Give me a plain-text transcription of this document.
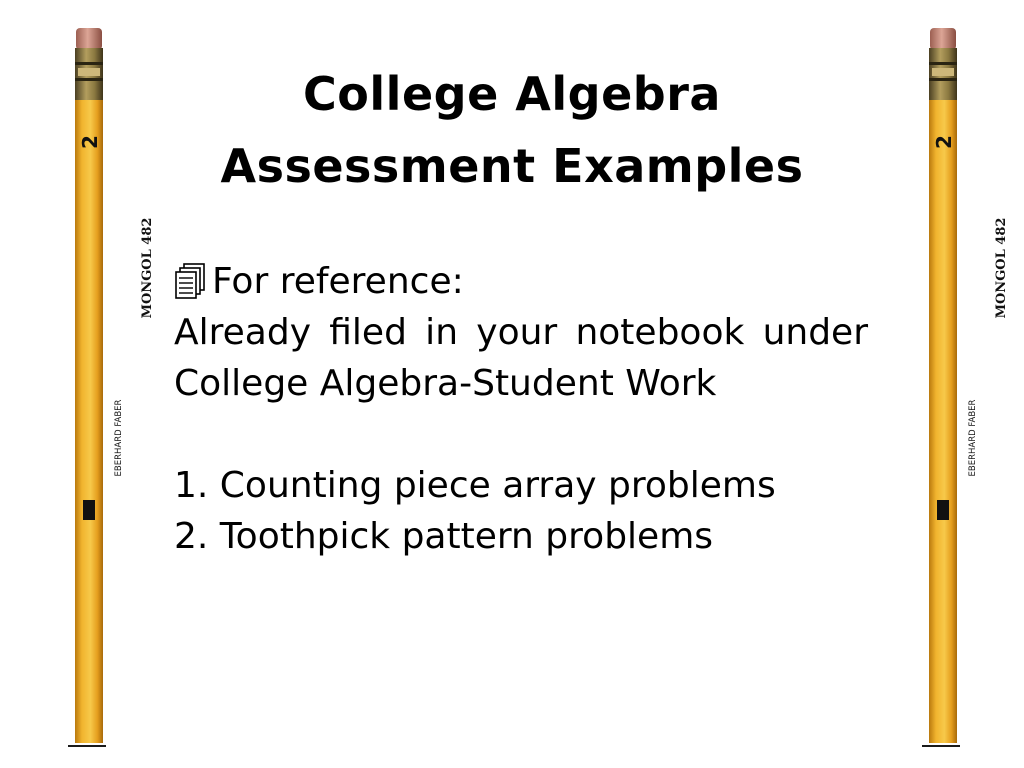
2
MONGOL 482
EBERHARD FABER
2
MONGOL 482
EBERHARD FABER
College Algebra
Assessment Examples
For reference:
Already filed in your notebook under College Algebra-Student Work
1. Counting piece array problems
2. Toothpick pattern problems
